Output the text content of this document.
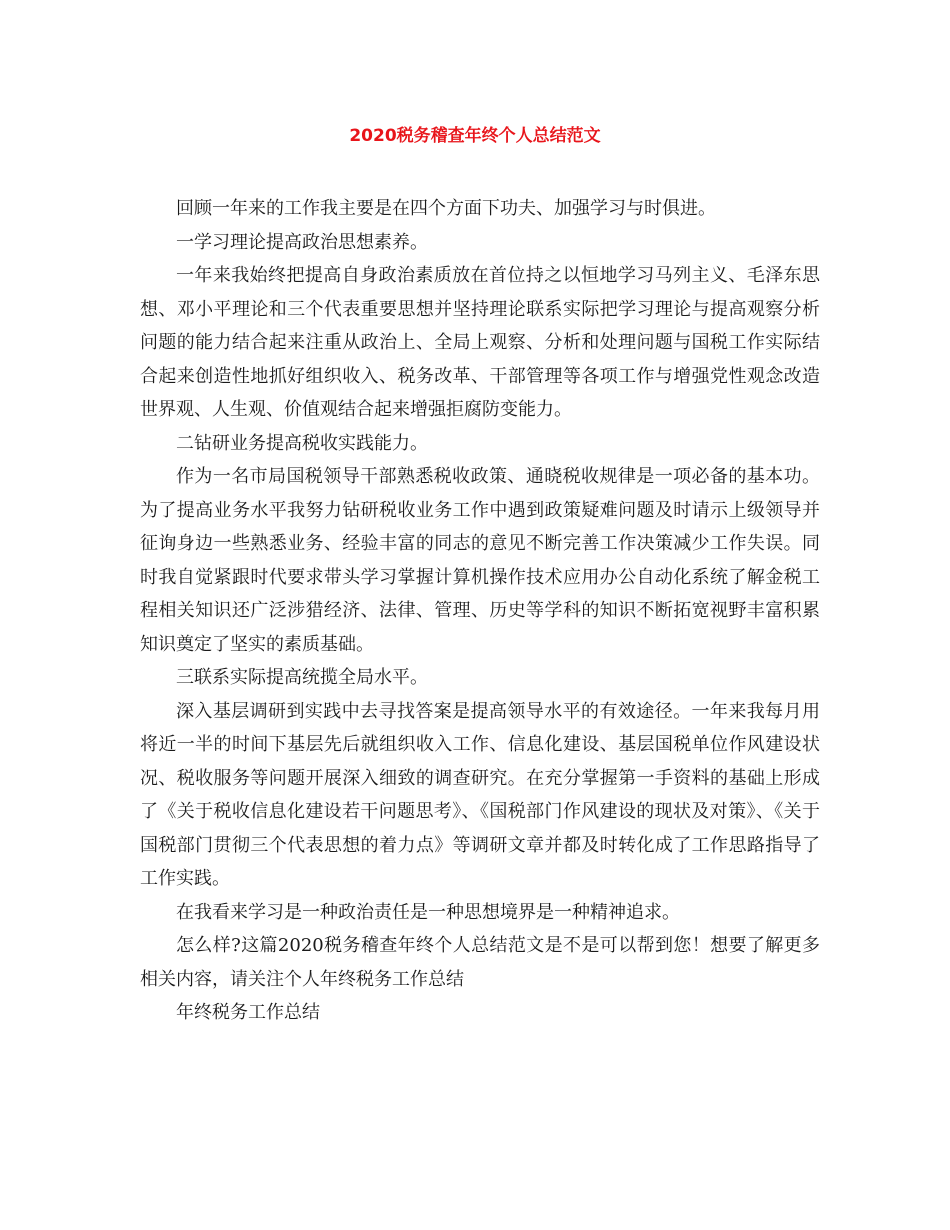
2020税务稽查年终个人总结范文

回顾一年来的工作我主要是在四个方面下功夫、加强学习与时俱进。

一学习理论提高政治思想素养。

一年来我始终把提高自身政治素质放在首位持之以恒地学习马列主义、毛泽东思想、邓小平理论和三个代表重要思想并坚持理论联系实际把学习理论与提高观察分析问题的能力结合起来注重从政治上、全局上观察、分析和处理问题与国税工作实际结合起来创造性地抓好组织收入、税务改革、干部管理等各项工作与增强党性观念改造世界观、人生观、价值观结合起来增强拒腐防变能力。

二钻研业务提高税收实践能力。

作为一名市局国税领导干部熟悉税收政策、通晓税收规律是一项必备的基本功。为了提高业务水平我努力钻研税收业务工作中遇到政策疑难问题及时请示上级领导并征询身边一些熟悉业务、经验丰富的同志的意见不断完善工作决策减少工作失误。同时我自觉紧跟时代要求带头学习掌握计算机操作技术应用办公自动化系统了解金税工程相关知识还广泛涉猎经济、法律、管理、历史等学科的知识不断拓宽视野丰富积累知识奠定了坚实的素质基础。

三联系实际提高统揽全局水平。

深入基层调研到实践中去寻找答案是提高领导水平的有效途径。一年来我每月用将近一半的时间下基层先后就组织收入工作、信息化建设、基层国税单位作风建设状况、税收服务等问题开展深入细致的调查研究。在充分掌握第一手资料的基础上形成了《关于税收信息化建设若干问题思考》、《国税部门作风建设的现状及对策》、《关于国税部门贯彻三个代表思想的着力点》等调研文章并都及时转化成了工作思路指导了工作实践。

在我看来学习是一种政治责任是一种思想境界是一种精神追求。

怎么样?这篇2020税务稽查年终个人总结范文是不是可以帮到您！想要了解更多相关内容，请关注个人年终税务工作总结

年终税务工作总结
